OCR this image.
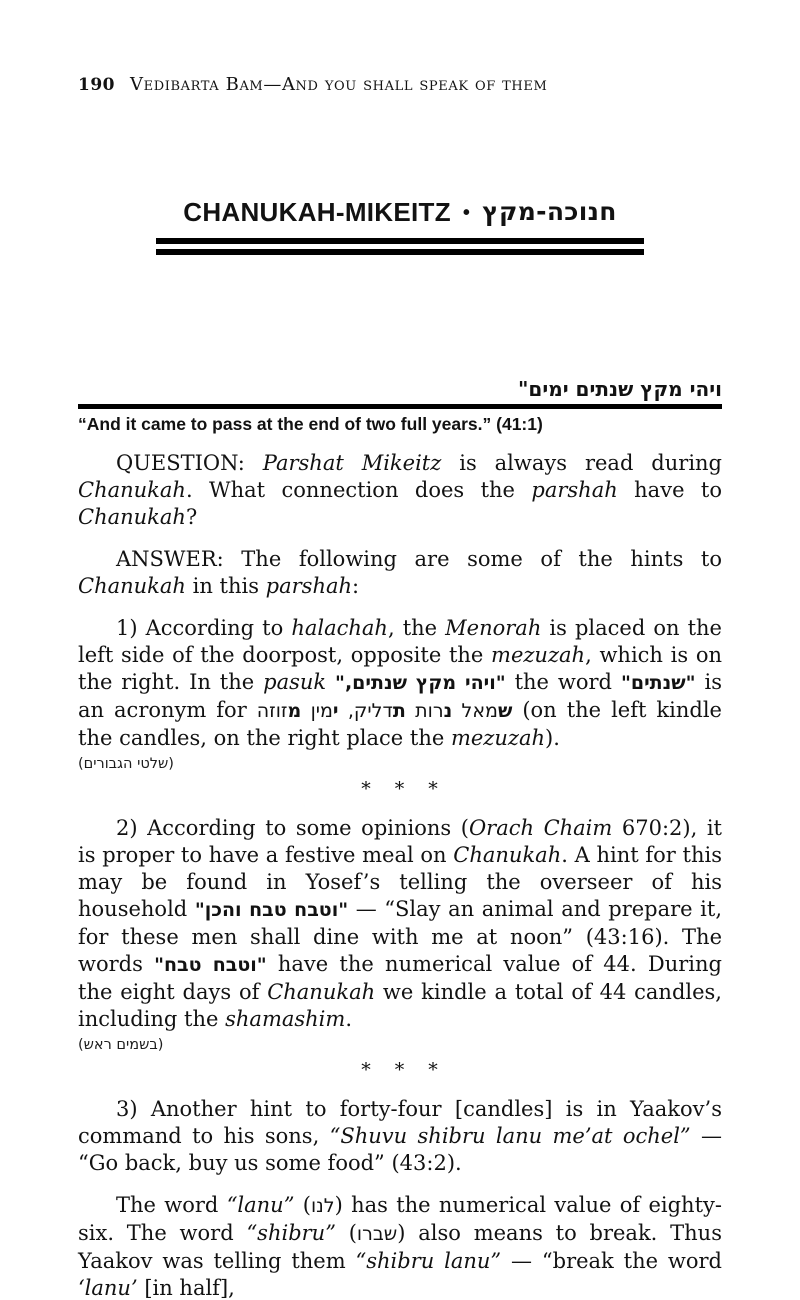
190 Vedibarta Bam—And you shall speak of them
CHANUKAH-MIKEITZ • חנוכה-מקץ
ויהי מקץ שנתים ימים"
“And it came to pass at the end of two full years.” (41:1)

QUESTION: Parshat Mikeitz is always read during Chanukah. What connection does the parshah have to Chanukah?

ANSWER: The following are some of the hints to Chanukah in this parshah:

1) According to halachah, the Menorah is placed on the left side of the doorpost, opposite the mezuzah, which is on the right. In the pasuk "ויהי מקץ שנתים," the word "שנתים" is an acronym for	שמאל נרות תדליק, ימין מזוזה	(on the left kindle the candles, on the right place the mezuzah).

(שלטי הגבורים)
* * *

2) According to some opinions (Orach Chaim 670:2), it is proper to have a festive meal on Chanukah. A hint for this may be found in Yosef’s telling the overseer of his household "וטבח טבח והכן" — “Slay an animal and prepare it, for these men shall dine with me at noon” (43:16). The words "וטבח טבח" have the numerical value of 44. During the eight days of Chanukah we kindle a total of 44 candles, including the shamashim.

(בשמים ראש)
* * *

3) Another hint to forty-four [candles] is in Yaakov’s command to his sons, “Shuvu shibru lanu me’at ochel” — “Go back, buy us some food” (43:2).

The word “lanu” (לנו) has the numerical value of eighty-six. The word “shibru” (שברו) also means to break. Thus Yaakov was telling them “shibru lanu” — “break the word ‘lanu’ [in half],
